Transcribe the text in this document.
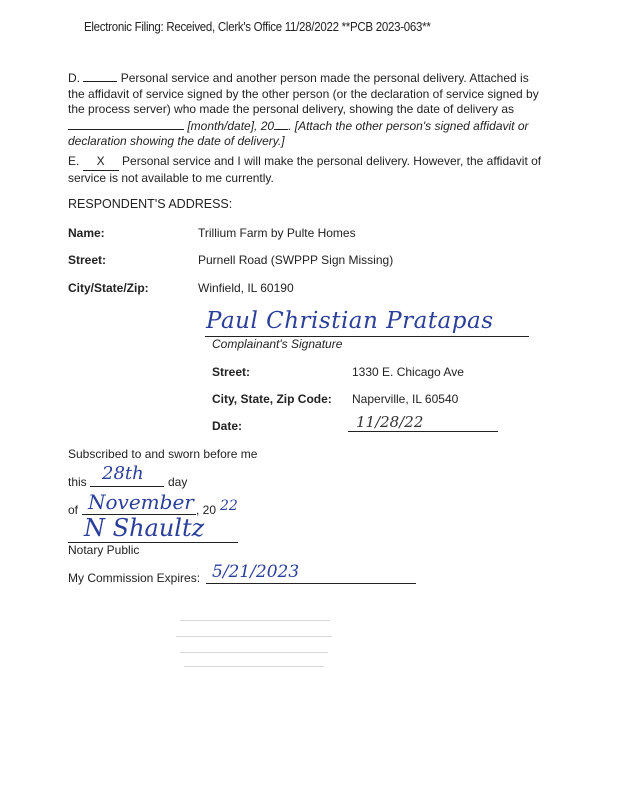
Electronic Filing: Received, Clerk's Office 11/28/2022 **PCB 2023-063**
D.	Personal service and another person made the personal delivery. Attached is the affidavit of service signed by the other person (or the declaration of service signed by the process server) who made the personal delivery, showing the date of delivery as
[month/date], 20 . [Attach the other person's signed affidavit or declaration showing the date of delivery.]
E. X Personal service and I will make the personal delivery. However, the affidavit of service is not available to me currently.
RESPONDENT'S ADDRESS:
Name:	Trillium Farm by Pulte Homes
Street:	Purnell Road (SWPPP Sign Missing)
City/State/Zip:	Winfield, IL 60190
Paul Christian Pratapas
Complainant's Signature
Street:	1330 E. Chicago Ave
City, State, Zip Code: Naperville, IL 60540
Date:	11/28/22
Subscribed to and sworn before me
this 28th day
of November , 20 22
N Shaultz
Notary Public
My Commission Expires: 5/21/2023
